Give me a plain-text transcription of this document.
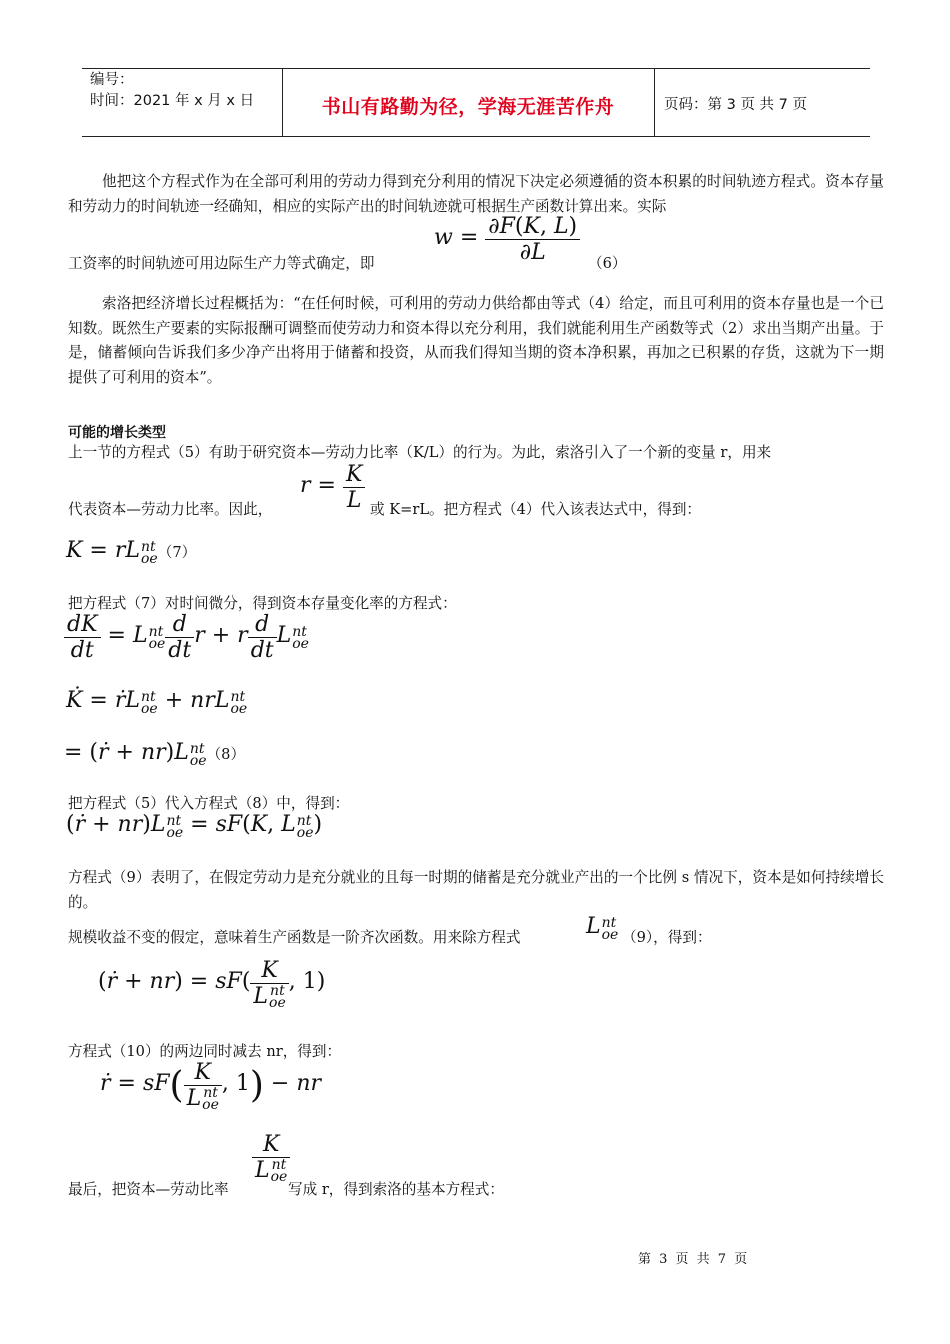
编号：
时间：2021 年 x 月 x 日	书山有路勤为径，学海无涯苦作舟	页码：第 3 页 共 7 页
他把这个方程式作为在全部可利用的劳动力得到充分利用的情况下决定必须遵循的资本积累的时间轨迹方程式。资本存量和劳动力的时间轨迹一经确知，相应的实际产出的时间轨迹就可根据生产函数计算出来。实际
工资率的时间轨迹可用边际生产力等式确定，即
$w = \frac{\partial F(K, L)}{\partial L} (6)$
索洛把经济增长过程概括为：“在任何时候，可利用的劳动力供给都由等式（4）给定，而且可利用的资本存量也是一个已知数。既然生产要素的实际报酬可调整而使劳动力和资本得以充分利用，我们就能利用生产函数等式（2）求出当期产出量。于是，储蓄倾向告诉我们多少净产出将用于储蓄和投资，从而我们得知当期的资本净积累，再加之已积累的存货，这就为下一期提供了可利用的资本”。
可能的增长类型
上一节的方程式（5）有助于研究资本—劳动力比率（K/L）的行为。为此，索洛引入了一个新的变量 r，用来
代表资本—劳动力比率。因此，
$r = \frac{K}{L}$ 或 K=rL。把方程式（4）代入该表达式中，得到：
K = rL nt
oe （7）
把方程式（7）对时间微分，得到资本存量变化率的方程式：
$\frac{dK}{dt} = L$ nt
oe $\frac{d}{dt}$ r + r $\frac{d}{dt}$ L nt
oe
K̇ = ṙL nt
oe + nrL nt
oe
= (ṙ + nr)L nt
oe （8）
把方程式（5）代入方程式（8）中，得到：
(ṙ + nr)L nt
oe = sF(K, L nt
oe )
方程式（9）表明了，在假定劳动力是充分就业的且每一时期的储蓄是充分就业产出的一个比例 s 情况下，资本是如何持续增长的。
规模收益不变的假定，意味着生产函数是一阶齐次函数。用来除方程式	L nt
oe （9），得到：
(ṙ + nr) = sF( K
L nt
oe , 1)
方程式（10）的两边同时减去 nr，得到：
ṙ = sF( K
L nt
oe , 1) − nr
最后，把资本—劳动比率
K
L nt
oe
写成 r，得到索洛的基本方程式：
第 3 页 共 7 页
